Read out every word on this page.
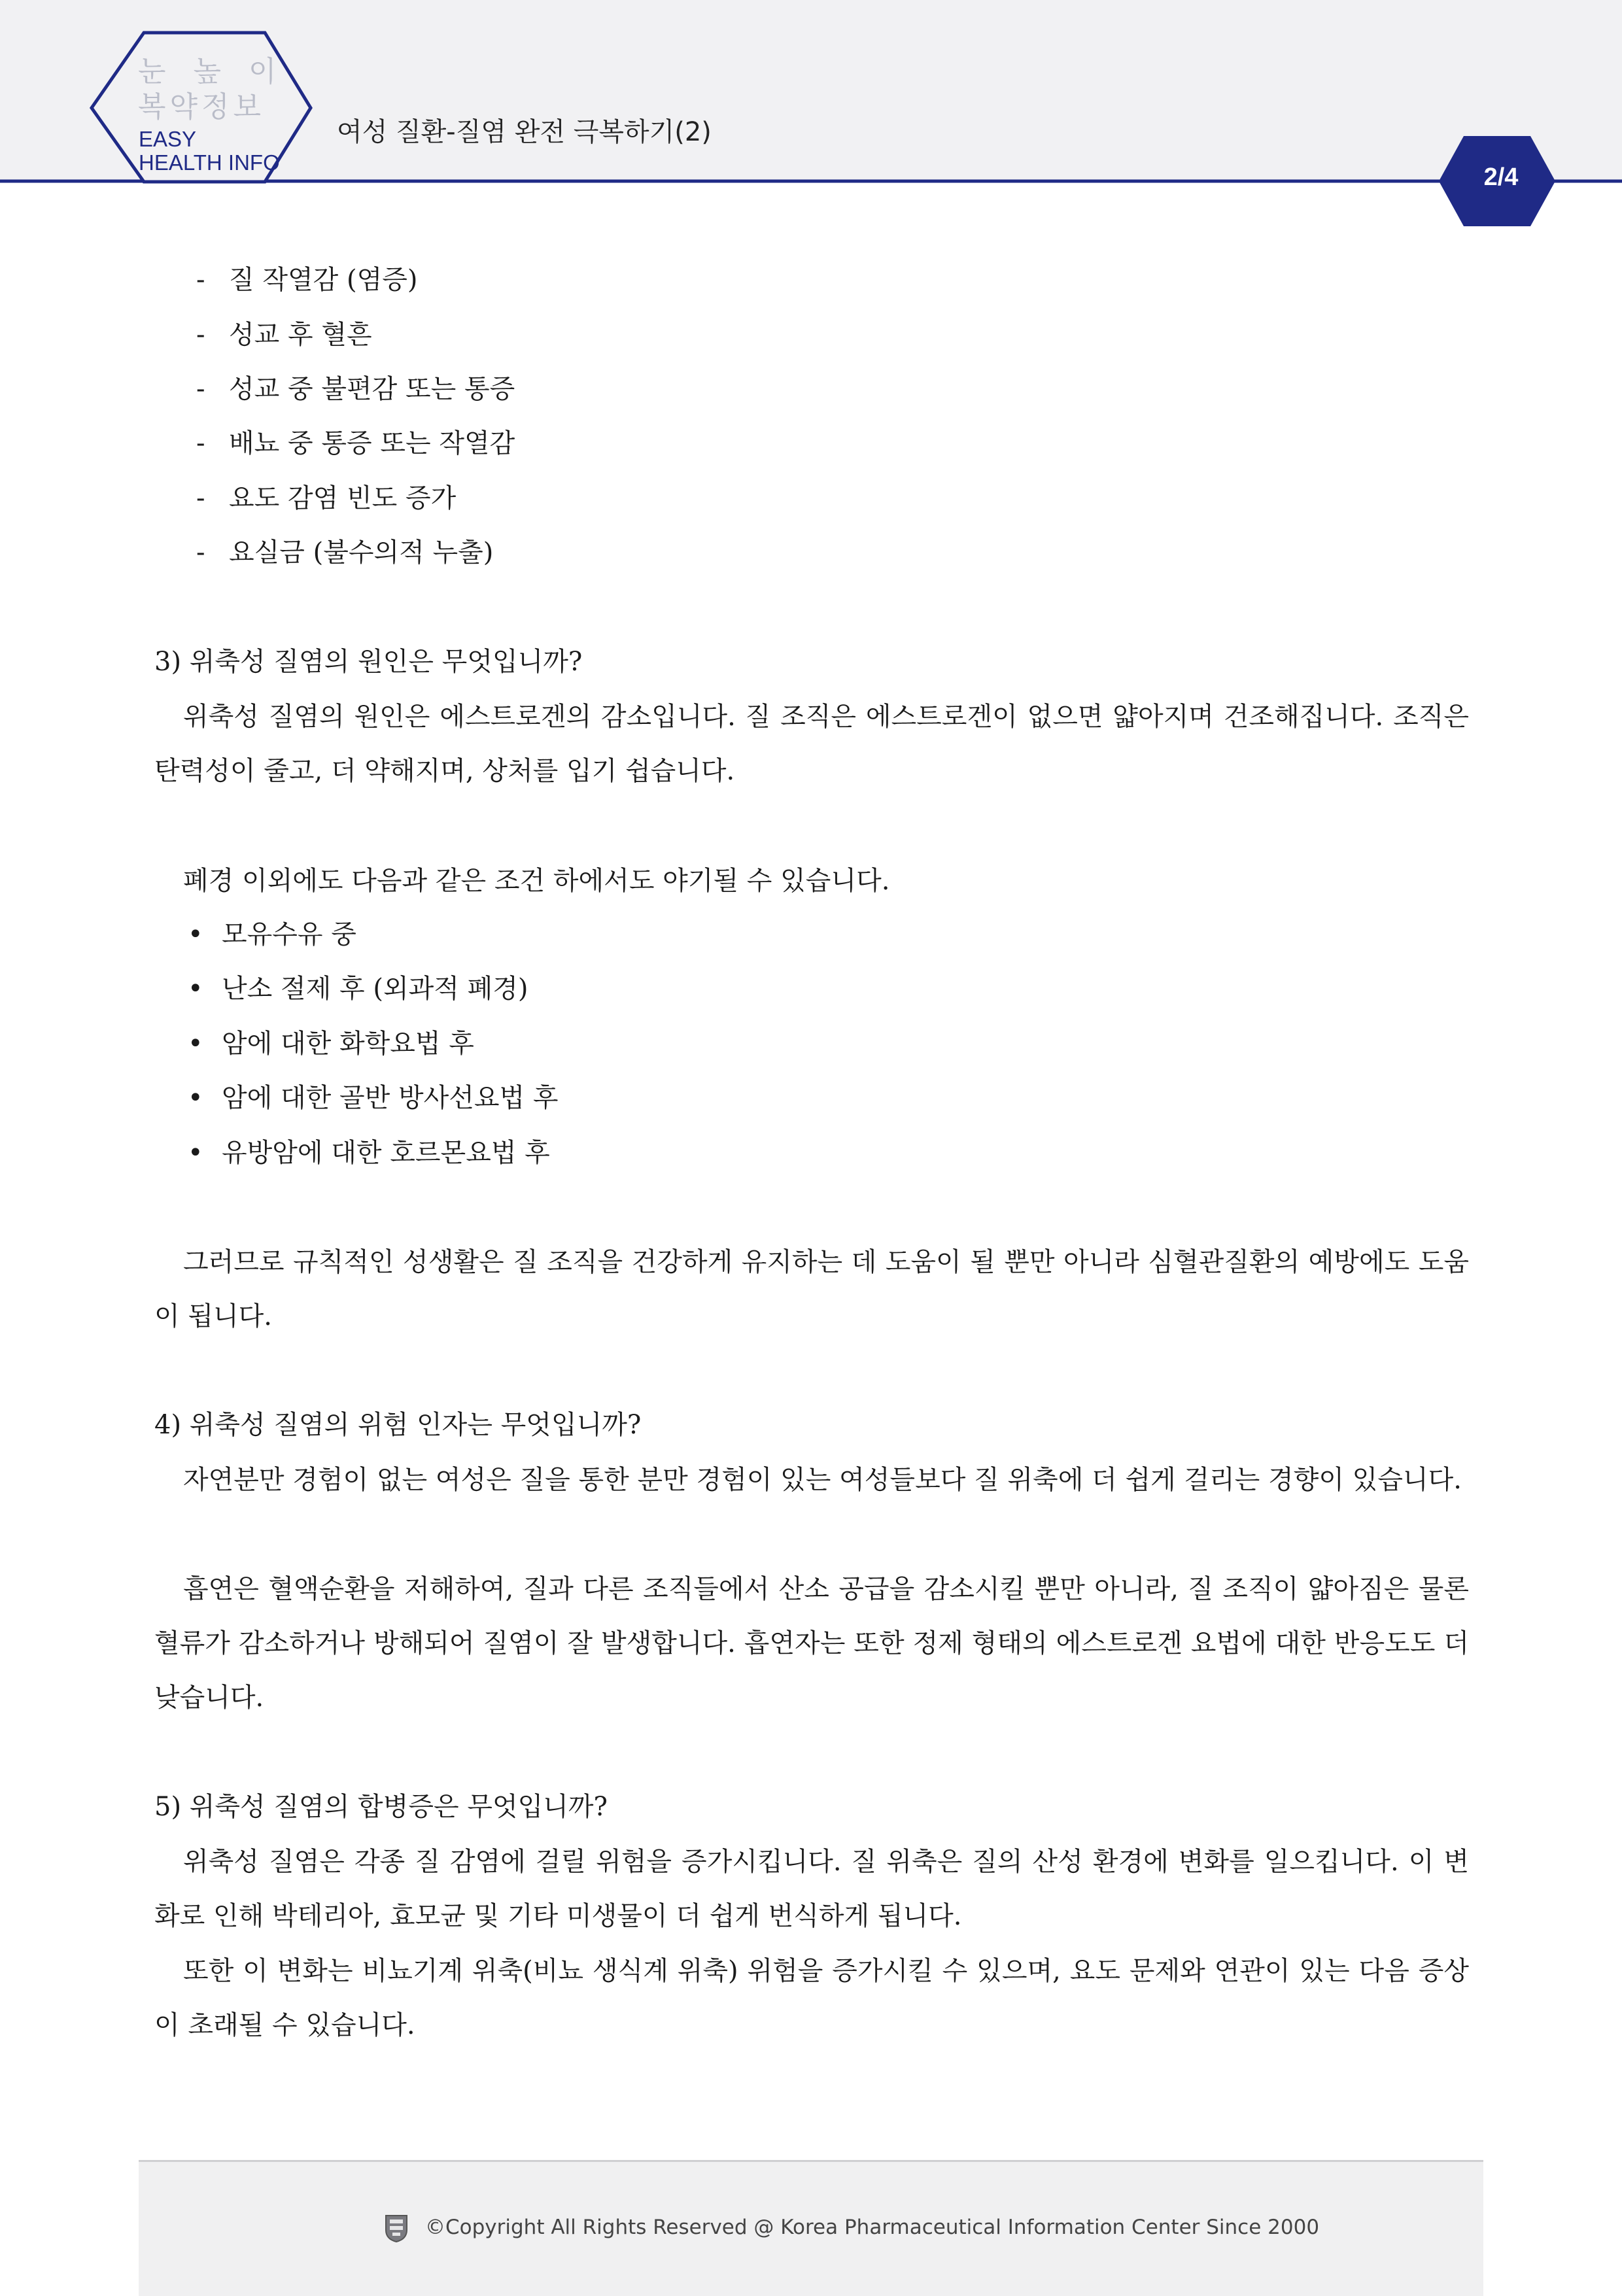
눈 높 이
복약정보
EASY
HEALTH INFO
여성 질환-질염 완전 극복하기(2)
2/4
- 질 작열감 (염증)
- 성교 후 혈흔
- 성교 중 불편감 또는 통증
- 배뇨 중 통증 또는 작열감
- 요도 감염 빈도 증가
- 요실금 (불수의적 누출)
3) 위축성 질염의 원인은 무엇입니까?
위축성 질염의 원인은 에스트로겐의 감소입니다. 질 조직은 에스트로겐이 없으면 얇아지며 건조해집니다. 조직은 탄력성이 줄고, 더 약해지며, 상처를 입기 쉽습니다.
폐경 이외에도 다음과 같은 조건 하에서도 야기될 수 있습니다.
• 모유수유 중
• 난소 절제 후 (외과적 폐경)
• 암에 대한 화학요법 후
• 암에 대한 골반 방사선요법 후
• 유방암에 대한 호르몬요법 후
그러므로 규칙적인 성생활은 질 조직을 건강하게 유지하는 데 도움이 될 뿐만 아니라 심혈관질환의 예방에도 도움이 됩니다.
4) 위축성 질염의 위험 인자는 무엇입니까?
자연분만 경험이 없는 여성은 질을 통한 분만 경험이 있는 여성들보다 질 위축에 더 쉽게 걸리는 경향이 있습니다.
흡연은 혈액순환을 저해하여, 질과 다른 조직들에서 산소 공급을 감소시킬 뿐만 아니라, 질 조직이 얇아짐은 물론 혈류가 감소하거나 방해되어 질염이 잘 발생합니다. 흡연자는 또한 정제 형태의 에스트로겐 요법에 대한 반응도도 더 낮습니다.
5) 위축성 질염의 합병증은 무엇입니까?
위축성 질염은 각종 질 감염에 걸릴 위험을 증가시킵니다. 질 위축은 질의 산성 환경에 변화를 일으킵니다. 이 변화로 인해 박테리아, 효모균 및 기타 미생물이 더 쉽게 번식하게 됩니다.
또한 이 변화는 비뇨기계 위축(비뇨 생식계 위축) 위험을 증가시킬 수 있으며, 요도 문제와 연관이 있는 다음 증상이 초래될 수 있습니다.
©Copyright All Rights Reserved @ Korea Pharmaceutical Information Center Since 2000
